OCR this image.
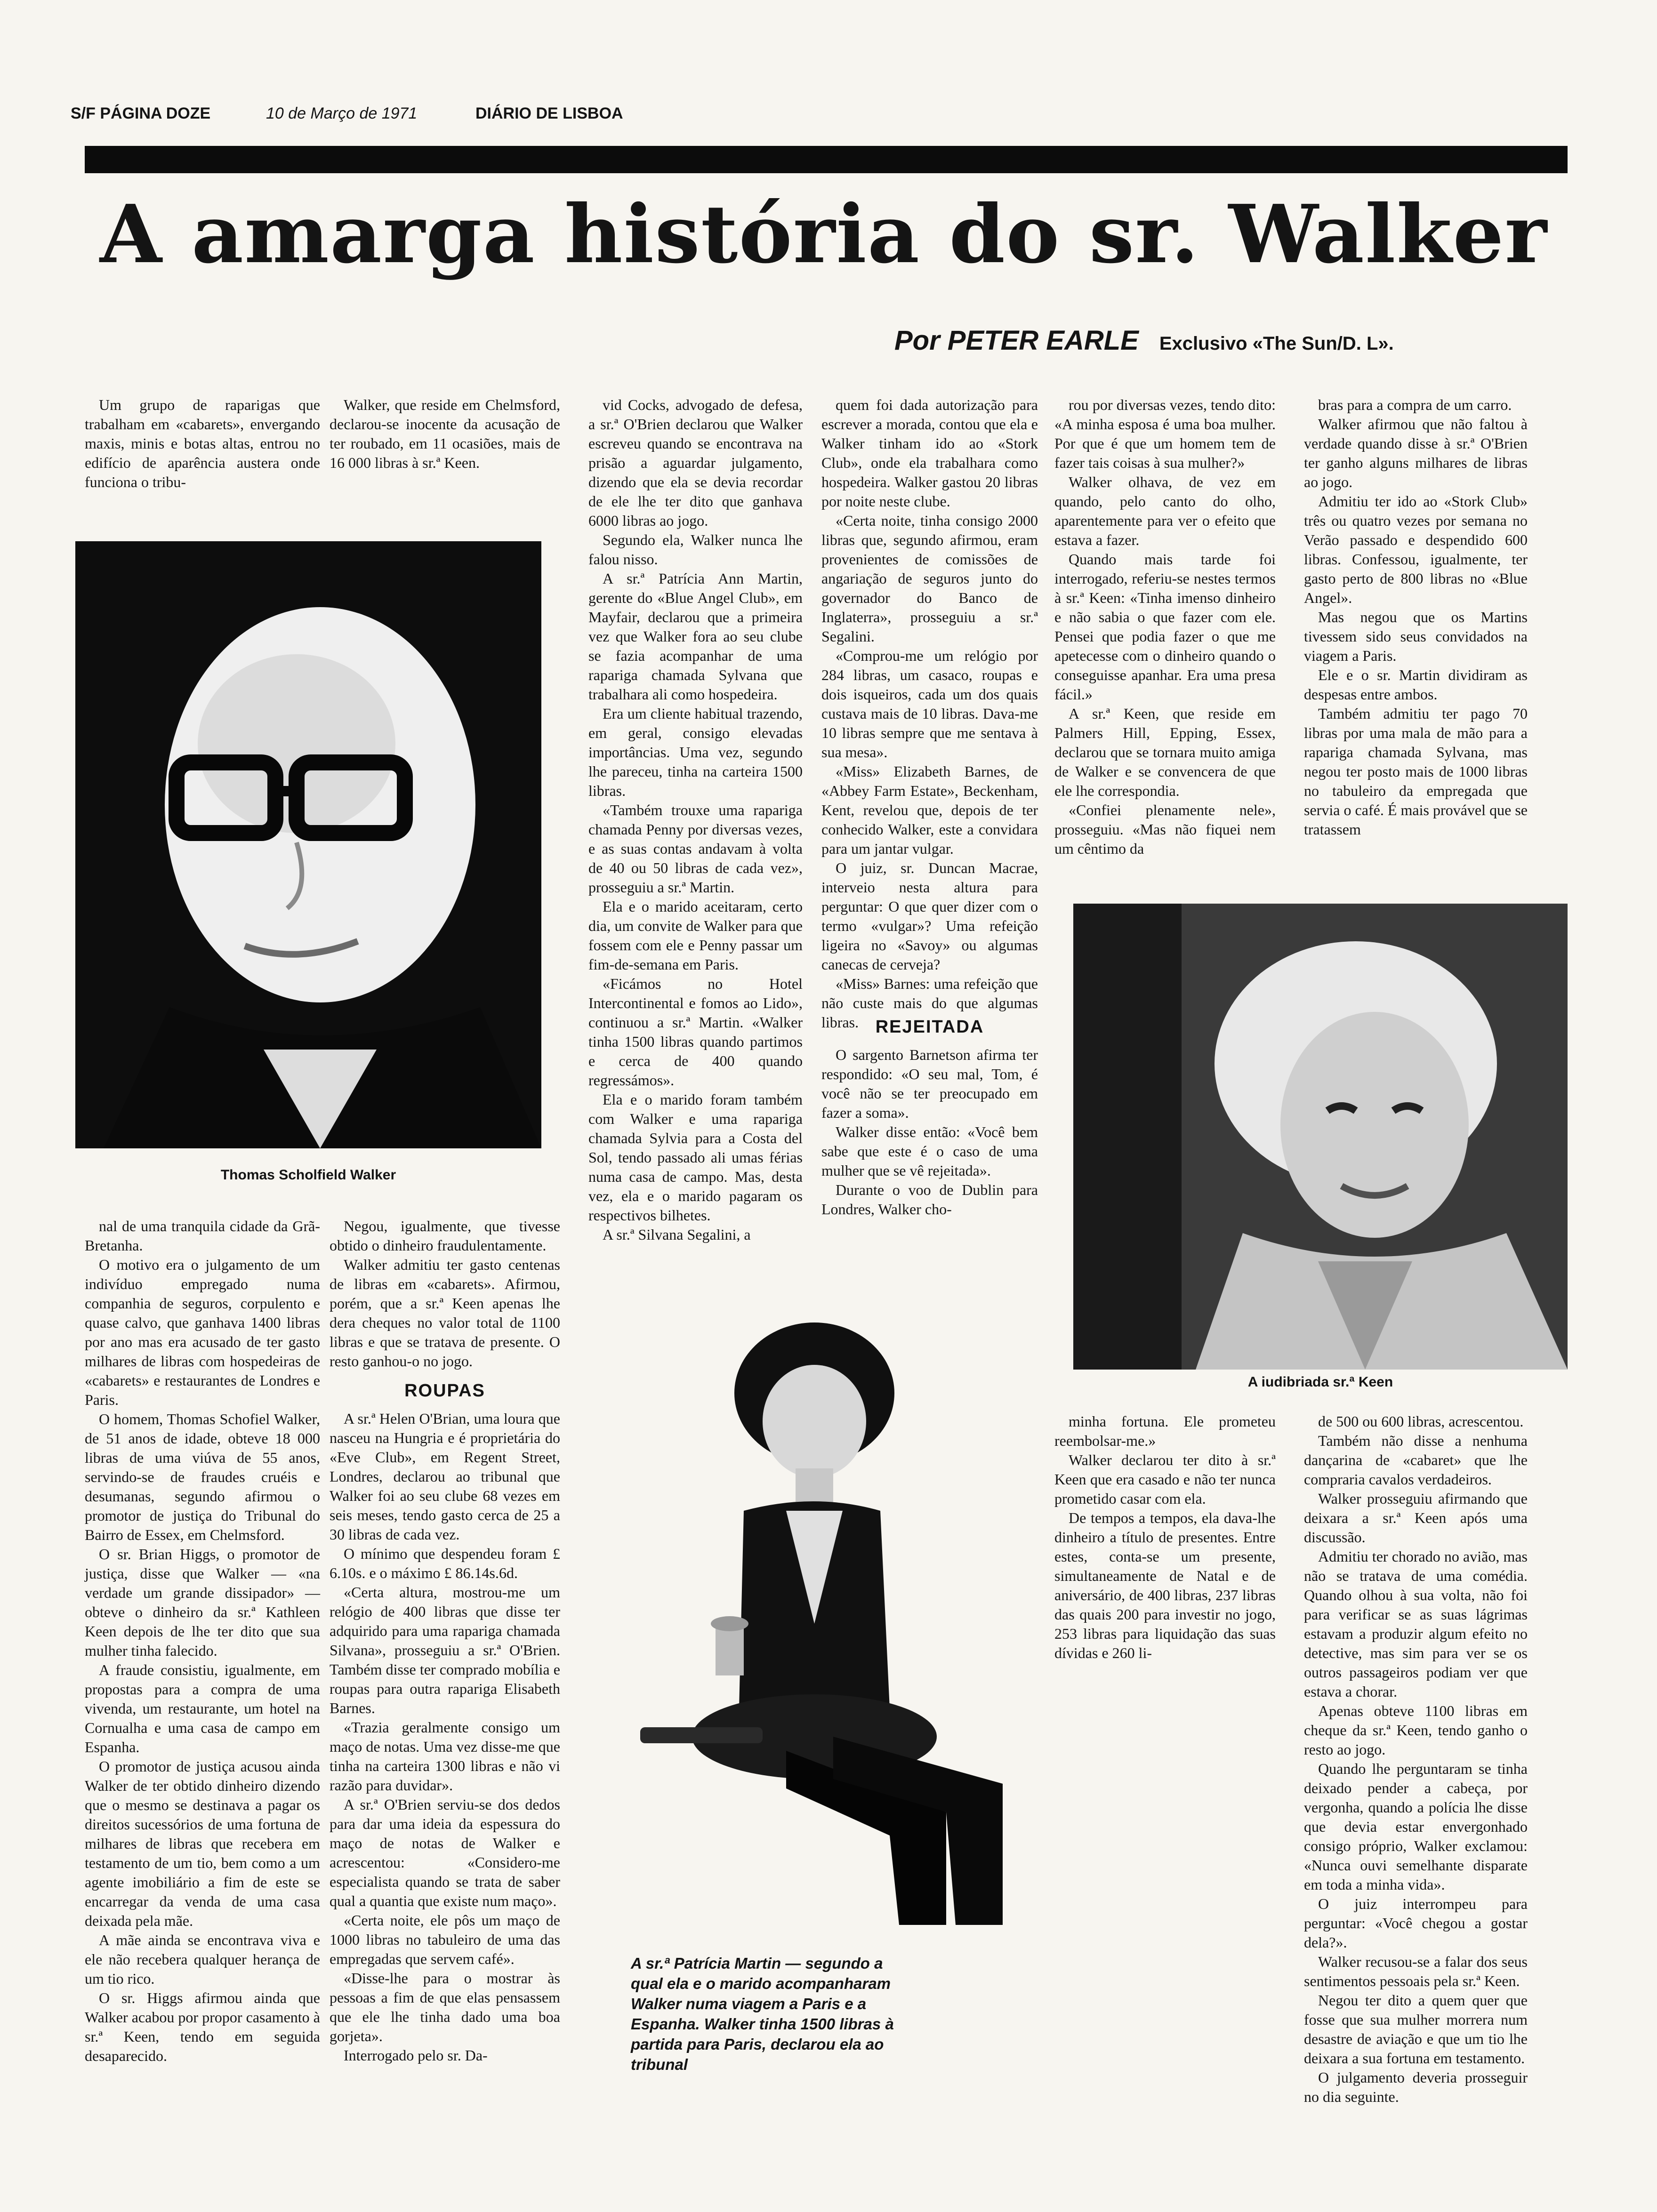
S/F PÁGINA DOZE	10 de Março de 1971	DIÁRIO DE LISBOA
A amarga história do sr. Walker
Por PETER EARLE Exclusivo «The Sun/D. L».

Um grupo de raparigas que trabalham em «cabarets», envergando maxis, minis e botas altas, entrou no edifício de aparência austera onde funciona o tribu-

Walker, que reside em Chelmsford, declarou-se inocente da acusação de ter roubado, em 11 ocasiões, mais de 16 000 libras à sr.ª Keen.

vid Cocks, advogado de defesa, a sr.ª O'Brien declarou que Walker escreveu quando se encontrava na prisão a aguardar julgamento, dizendo que ela se devia recordar de ele lhe ter dito que ganhava 6000 libras ao jogo.

Segundo ela, Walker nunca lhe falou nisso.

A sr.ª Patrícia Ann Martin, gerente do «Blue Angel Club», em Mayfair, declarou que a primeira vez que Walker fora ao seu clube se fazia acompanhar de uma rapariga chamada Sylvana que trabalhara ali como hospedeira.

Era um cliente habitual trazendo, em geral, consigo elevadas importâncias. Uma vez, segundo lhe pareceu, tinha na carteira 1500 libras.

«Também trouxe uma rapariga chamada Penny por diversas vezes, e as suas contas andavam à volta de 40 ou 50 libras de cada vez», prosseguiu a sr.ª Martin.

Ela e o marido aceitaram, certo dia, um convite de Walker para que fossem com ele e Penny passar um fim-de-semana em Paris.

«Ficámos no Hotel Intercontinental e fomos ao Lido», continuou a sr.ª Martin. «Walker tinha 1500 libras quando partimos e cerca de 400 quando regressámos».

Ela e o marido foram também com Walker e uma rapariga chamada Sylvia para a Costa del Sol, tendo passado ali umas férias numa casa de campo. Mas, desta vez, ela e o marido pagaram os respectivos bilhetes.

A sr.ª Silvana Segalini, a

quem foi dada autorização para escrever a morada, contou que ela e Walker tinham ido ao «Stork Club», onde ela trabalhara como hospedeira. Walker gastou 20 libras por noite neste clube.

«Certa noite, tinha consigo 2000 libras que, segundo afirmou, eram provenientes de comissões de angariação de seguros junto do governador do Banco de Inglaterra», prosseguiu a sr.ª Segalini.

«Comprou-me um relógio por 284 libras, um casaco, roupas e dois isqueiros, cada um dos quais custava mais de 10 libras. Dava-me 10 libras sempre que me sentava à sua mesa».

«Miss» Elizabeth Barnes, de «Abbey Farm Estate», Beckenham, Kent, revelou que, depois de ter conhecido Walker, este a convidara para um jantar vulgar.

O juiz, sr. Duncan Macrae, interveio nesta altura para perguntar: O que quer dizer com o termo «vulgar»? Uma refeição ligeira no «Savoy» ou algumas canecas de cerveja?

«Miss» Barnes: uma refeição que não custe mais do que algumas libras.

rou por diversas vezes, tendo dito: «A minha esposa é uma boa mulher. Por que é que um homem tem de fazer tais coisas à sua mulher?»

Walker olhava, de vez em quando, pelo canto do olho, aparentemente para ver o efeito que estava a fazer.

Quando mais tarde foi interrogado, referiu-se nestes termos à sr.ª Keen: «Tinha imenso dinheiro e não sabia o que fazer com ele. Pensei que podia fazer o que me apetecesse com o dinheiro quando o conseguisse apanhar. Era uma presa fácil.»

A sr.ª Keen, que reside em Palmers Hill, Epping, Essex, declarou que se tornara muito amiga de Walker e se convencera de que ele lhe correspondia.

«Confiei plenamente nele», prosseguiu. «Mas não fiquei nem um cêntimo da

bras para a compra de um carro.

Walker afirmou que não faltou à verdade quando disse à sr.ª O'Brien ter ganho alguns milhares de libras ao jogo.

Admitiu ter ido ao «Stork Club» três ou quatro vezes por semana no Verão passado e despendido 600 libras. Confessou, igualmente, ter gasto perto de 800 libras no «Blue Angel».

Mas negou que os Martins tivessem sido seus convidados na viagem a Paris.

Ele e o sr. Martin dividiram as despesas entre ambos.

Também admitiu ter pago 70 libras por uma mala de mão para a rapariga chamada Sylvana, mas negou ter posto mais de 1000 libras no tabuleiro da empregada que servia o café. É mais provável que se tratassem

REJEITADA

O sargento Barnetson afirma ter respondido: «O seu mal, Tom, é você não se ter preocupado em fazer a soma».

Walker disse então: «Você bem sabe que este é o caso de uma mulher que se vê rejeitada».

Durante o voo de Dublin para Londres, Walker cho-

Thomas Scholfield Walker
A iudibriada sr.ª Keen

nal de uma tranquila cidade da Grã-Bretanha.

O motivo era o julgamento de um indivíduo empregado numa companhia de seguros, corpulento e quase calvo, que ganhava 1400 libras por ano mas era acusado de ter gasto milhares de libras com hospedeiras de «cabarets» e restaurantes de Londres e Paris.

O homem, Thomas Schofiel Walker, de 51 anos de idade, obteve 18 000 libras de uma viúva de 55 anos, servindo-se de fraudes cruéis e desumanas, segundo afirmou o promotor de justiça do Tribunal do Bairro de Essex, em Chelmsford.

O sr. Brian Higgs, o promotor de justiça, disse que Walker — «na verdade um grande dissipador» — obteve o dinheiro da sr.ª Kathleen Keen depois de lhe ter dito que sua mulher tinha falecido.

A fraude consistiu, igualmente, em propostas para a compra de uma vivenda, um restaurante, um hotel na Cornualha e uma casa de campo em Espanha.

O promotor de justiça acusou ainda Walker de ter obtido dinheiro dizendo que o mesmo se destinava a pagar os direitos sucessórios de uma fortuna de milhares de libras que recebera em testamento de um tio, bem como a um agente imobiliário a fim de este se encarregar da venda de uma casa deixada pela mãe.

A mãe ainda se encontrava viva e ele não recebera qualquer herança de um tio rico.

O sr. Higgs afirmou ainda que Walker acabou por propor casamento à sr.ª Keen, tendo em seguida desaparecido.

Negou, igualmente, que tivesse obtido o dinheiro fraudulentamente.

Walker admitiu ter gasto centenas de libras em «cabarets». Afirmou, porém, que a sr.ª Keen apenas lhe dera cheques no valor total de 1100 libras e que se tratava de presente. O resto ganhou-o no jogo.

ROUPAS

A sr.ª Helen O'Brian, uma loura que nasceu na Hungria e é proprietária do «Eve Club», em Regent Street, Londres, declarou ao tribunal que Walker foi ao seu clube 68 vezes em seis meses, tendo gasto cerca de 25 a 30 libras de cada vez.

O mínimo que despendeu foram £ 6.10s. e o máximo £ 86.14s.6d.

«Certa altura, mostrou-me um relógio de 400 libras que disse ter adquirido para uma rapariga chamada Silvana», prosseguiu a sr.ª O'Brien. Também disse ter comprado mobília e roupas para outra rapariga Elisabeth Barnes.

«Trazia geralmente consigo um maço de notas. Uma vez disse-me que tinha na carteira 1300 libras e não vi razão para duvidar».

A sr.ª O'Brien serviu-se dos dedos para dar uma ideia da espessura do maço de notas de Walker e acrescentou: «Considero-me especialista quando se trata de saber qual a quantia que existe num maço».

«Certa noite, ele pôs um maço de 1000 libras no tabuleiro de uma das empregadas que servem café».

«Disse-lhe para o mostrar às pessoas a fim de que elas pensassem que ele lhe tinha dado uma boa gorjeta».

Interrogado pelo sr. Da-

A sr.ª Patrícia Martin — segundo a qual ela e o marido acompanharam Walker numa viagem a Paris e a Espanha. Walker tinha 1500 libras à partida para Paris, declarou ela ao tribunal

minha fortuna. Ele prometeu reembolsar-me.»

Walker declarou ter dito à sr.ª Keen que era casado e não ter nunca prometido casar com ela.

De tempos a tempos, ela dava-lhe dinheiro a título de presentes. Entre estes, conta-se um presente, simultaneamente de Natal e de aniversário, de 400 libras, 237 libras das quais 200 para investir no jogo, 253 libras para liquidação das suas dívidas e 260 li-

de 500 ou 600 libras, acrescentou.

Também não disse a nenhuma dançarina de «cabaret» que lhe compraria cavalos verdadeiros.

Walker prosseguiu afirmando que deixara a sr.ª Keen após uma discussão.

Admitiu ter chorado no avião, mas não se tratava de uma comédia. Quando olhou à sua volta, não foi para verificar se as suas lágrimas estavam a produzir algum efeito no detective, mas sim para ver se os outros passageiros podiam ver que estava a chorar.

Apenas obteve 1100 libras em cheque da sr.ª Keen, tendo ganho o resto ao jogo.

Quando lhe perguntaram se tinha deixado pender a cabeça, por vergonha, quando a polícia lhe disse que devia estar envergonhado consigo próprio, Walker exclamou: «Nunca ouvi semelhante disparate em toda a minha vida».

O juiz interrompeu para perguntar: «Você chegou a gostar dela?».

Walker recusou-se a falar dos seus sentimentos pessoais pela sr.ª Keen.

Negou ter dito a quem quer que fosse que sua mulher morrera num desastre de aviação e que um tio lhe deixara a sua fortuna em testamento.

O julgamento deveria prosseguir no dia seguinte.
